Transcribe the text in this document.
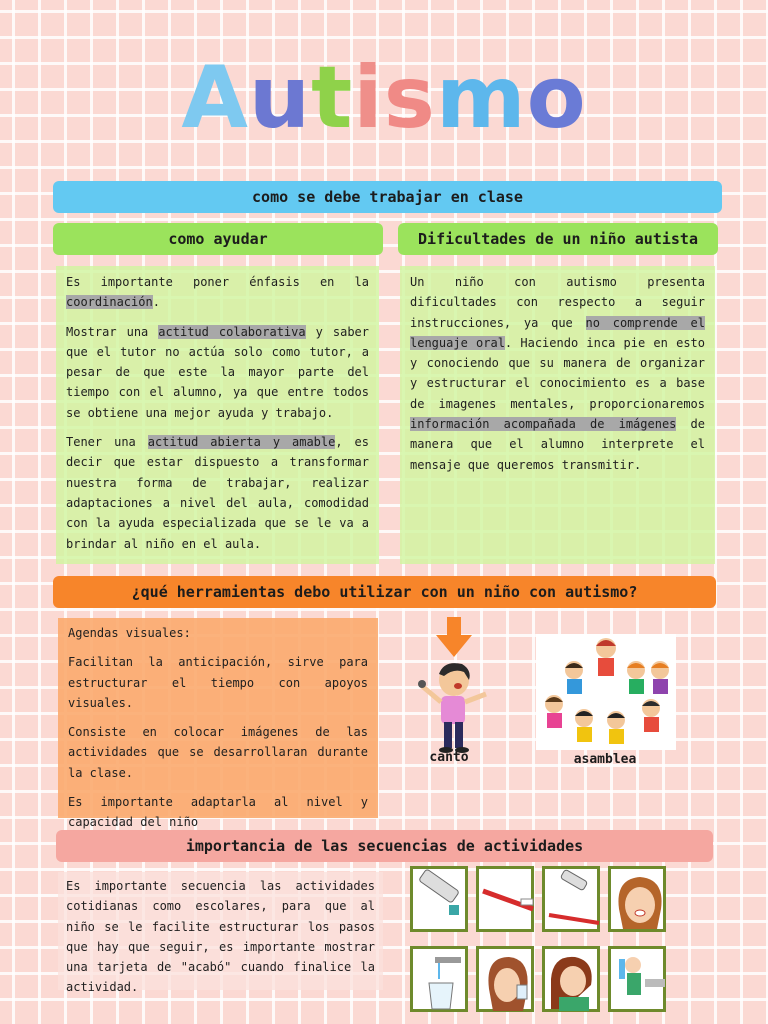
Autismo
como se debe trabajar en clase
como ayudar	Dificultades de un niño autista

Es importante poner énfasis en la coordinación.

Mostrar una actitud colaborativa y saber que el tutor no actúa solo como tutor, a pesar de que este la mayor parte del tiempo con el alumno, ya que entre todos se obtiene una mejor ayuda y trabajo.

Tener una actitud abierta y amable, es decir que estar dispuesto a transformar nuestra forma de trabajar, realizar adaptaciones a nivel del aula, comodidad con la ayuda especializada que se le va a brindar al niño en el aula.

Un niño con autismo presenta dificultades con respecto a seguir instrucciones, ya que no comprende el lenguaje oral. Haciendo inca pie en esto y conociendo que su manera de organizar y estructurar el conocimiento es a base de imagenes mentales, proporcionaremos información acompañada de imágenes de manera que el alumno interprete el mensaje que queremos transmitir.

¿qué herramientas debo utilizar con un niño con autismo?

Agendas visuales:

Facilitan la anticipación, sirve para estructurar el tiempo con apoyos visuales.

Consiste en colocar imágenes de las actividades que se desarrollaran durante la clase.

Es importante adaptarla al nivel y capacidad del niño

canto	asamblea
importancia de las secuencias de actividades

Es importante secuencia las actividades cotidianas como escolares, para que al niño se le facilite estructurar los pasos que hay que seguir, es importante mostrar una tarjeta de "acabó" cuando finalice la actividad.
